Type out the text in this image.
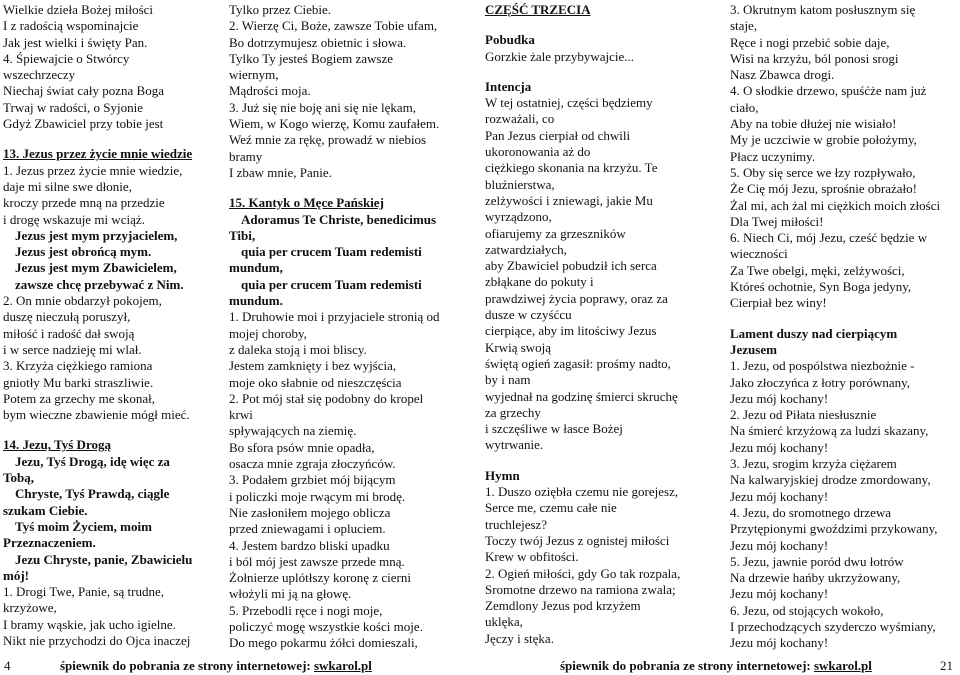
Wielkie dzieła Bożej miłości
I z radością wspominajcie
Jak jest wielki i święty Pan.
4. Śpiewajcie o Stwórcy
wszechrzeczy
Niechaj świat cały pozna Boga
Trwaj w radości, o Syjonie
Gdyż Zbawiciel przy tobie jest
13. Jezus przez życie mnie wiedzie
1. Jezus przez życie mnie wiedzie,
daje mi silne swe dłonie,
kroczy przede mną na przedzie
i drogę wskazuje mi wciąż.
Jezus jest mym przyjacielem,
Jezus jest obrońcą mym.
Jezus jest mym Zbawicielem,
zawsze chcę przebywać z Nim.
2. On mnie obdarzył pokojem,
duszę nieczułą poruszył,
miłość i radość dał swoją
i w serce nadzieję mi wlał.
3. Krzyża ciężkiego ramiona
gniotły Mu barki straszliwie.
Potem za grzechy me skonał,
bym wieczne zbawienie mógł mieć.
14. Jezu, Tyś Drogą
Jezu, Tyś Drogą, idę więc za
Tobą,
Chryste, Tyś Prawdą, ciągle
szukam Ciebie.
Tyś moim Życiem, moim
Przeznaczeniem.
Jezu Chryste, panie, Zbawicielu
mój!
1. Drogi Twe, Panie, są trudne,
krzyżowe,
I bramy wąskie, jak ucho igielne.
Nikt nie przychodzi do Ojca inaczej
Tylko przez Ciebie.
2. Wierzę Ci, Boże, zawsze Tobie ufam,
Bo dotrzymujesz obietnic i słowa.
Tylko Ty jesteś Bogiem zawsze
wiernym,
Mądrości moja.
3. Już się nie boję ani się nie lękam,
Wiem, w Kogo wierzę, Komu zaufałem.
Weź mnie za rękę, prowadź w niebios
bramy
I zbaw mnie, Panie.
15. Kantyk o Męce Pańskiej
Adoramus Te Christe, benedicimus
Tibi,
quia per crucem Tuam redemisti
mundum,
quia per crucem Tuam redemisti
mundum.
1. Druhowie moi i przyjaciele stronią od
mojej choroby,
z daleka stoją i moi bliscy.
Jestem zamknięty i bez wyjścia,
moje oko słabnie od nieszczęścia
2. Pot mój stał się podobny do kropel
krwi
spływających na ziemię.
Bo sfora psów mnie opadła,
osacza mnie zgraja złoczyńców.
3. Podałem grzbiet mój bijącym
i policzki moje rwącym mi brodę.
Nie zasłoniłem mojego oblicza
przed zniewagami i opluciem.
4. Jestem bardzo bliski upadku
i ból mój jest zawsze przede mną.
Żołnierze uplótłszy koronę z cierni
włożyli mi ją na głowę.
5. Przebodli ręce i nogi moje,
policzyć mogę wszystkie kości moje.
Do mego pokarmu żółci domieszali,
CZĘŚĆ TRZECIA
Pobudka
Gorzkie żale przybywajcie...
Intencja
W tej ostatniej, części będziemy
rozważali, co
Pan Jezus cierpiał od chwili
ukoronowania aż do
ciężkiego skonania na krzyżu. Te
bluźnierstwa,
zelżywości i zniewagi, jakie Mu
wyrządzono,
ofiarujemy za grzeszników
zatwardziałych,
aby Zbawiciel pobudził ich serca
zbłąkane do pokuty i
prawdziwej życia poprawy, oraz za
dusze w czyśćcu
cierpiące, aby im litościwy Jezus
Krwią swoją
świętą ogień zagasił: prośmy nadto,
by i nam
wyjednał na godzinę śmierci skruchę
za grzechy
i szczęśliwe w łasce Bożej
wytrwanie.
Hymn
1. Duszo oziębła czemu nie gorejesz,
Serce me, czemu całe nie
truchlejesz?
Toczy twój Jezus z ognistej miłości
Krew w obfitości.
2. Ogień miłości, gdy Go tak rozpala,
Sromotne drzewo na ramiona zwala;
Zemdlony Jezus pod krzyżem
uklęka,
Jęczy i stęka.
3. Okrutnym katom posłusznym się
staje,
Ręce i nogi przebić sobie daje,
Wisi na krzyżu, ból ponosi srogi
Nasz Zbawca drogi.
4. O słodkie drzewo, spuśćże nam już
ciało,
Aby na tobie dłużej nie wisiało!
My je uczciwie w grobie położymy,
Płacz uczynimy.
5. Oby się serce we łzy rozpływało,
Że Cię mój Jezu, sprośnie obrażało!
Żal mi, ach żal mi ciężkich moich złości
Dla Twej miłości!
6. Niech Ci, mój Jezu, cześć będzie w
wieczności
Za Twe obelgi, męki, zelżywości,
Któreś ochotnie, Syn Boga jedyny,
Cierpiał bez winy!
Lament duszy nad cierpiącym
Jezusem
1. Jezu, od pospólstwa niezbożnie -
Jako złoczyńca z łotry porównany,
Jezu mój kochany!
2. Jezu od Piłata niesłusznie
Na śmierć krzyżową za ludzi skazany,
Jezu mój kochany!
3. Jezu, srogim krzyża ciężarem
Na kalwaryjskiej drodze zmordowany,
Jezu mój kochany!
4. Jezu, do sromotnego drzewa
Przytępionymi gwoździmi przykowany,
Jezu mój kochany!
5. Jezu, jawnie poród dwu łotrów
Na drzewie hańby ukrzyżowany,
Jezu mój kochany!
6. Jezu, od stojących wokoło,
I przechodzących szyderczo wyśmiany,
Jezu mój kochany!
4	śpiewnik do pobrania ze strony internetowej: swkarol.pl	śpiewnik do pobrania ze strony internetowej: swkarol.pl	21
